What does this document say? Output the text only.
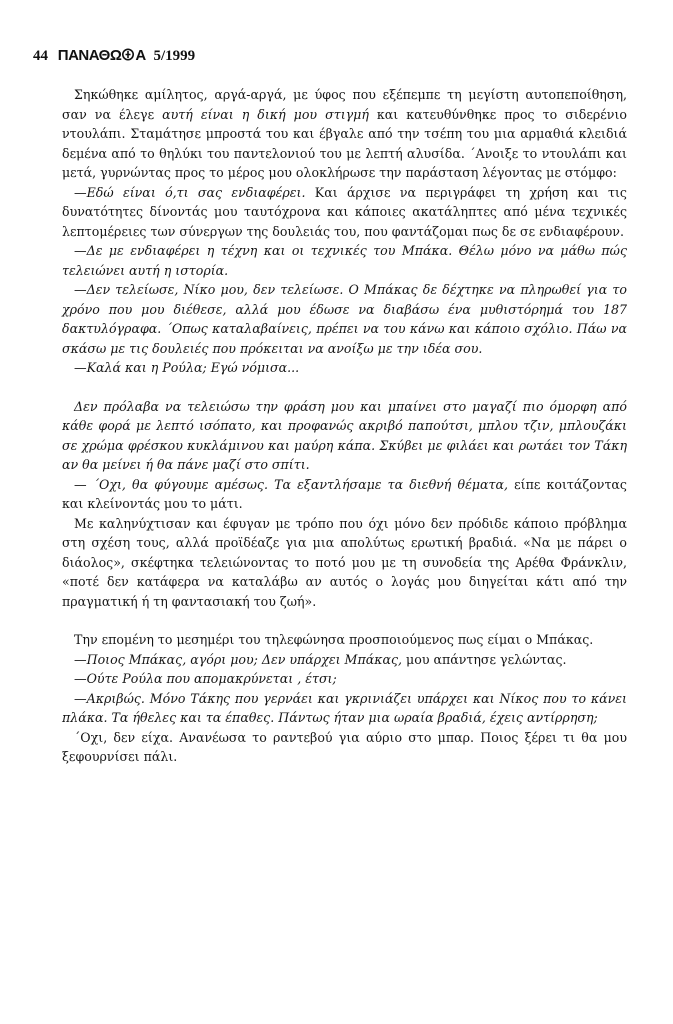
44 ΠΑΝΑΘΩ Α 5/1999

Σηκώθηκε αμίλητος, αργά-αργά, με ύφος που εξέπεμπε τη μεγίστη αυτοπεποίθηση, σαν να έλεγε αυτή είναι η δική μου στιγμή και κατευθύνθηκε προς το σιδερένιο ντουλάπι. Σταμάτησε μπροστά του και έβγαλε από την τσέπη του μια αρμαθιά κλειδιά δεμένα από το θηλύκι του παντελονιού του με λεπτή αλυσίδα. ΄Ανοιξε το ντουλάπι και μετά, γυρνώντας προς το μέρος μου ολοκλήρωσε την παράσταση λέγοντας με στόμφο:

—Εδώ είναι ό,τι σας ενδιαφέρει. Και άρχισε να περιγράφει τη χρήση και τις δυνατότητες δίνοντάς μου ταυτόχρονα και κάποιες ακατάληπτες από μένα τεχνικές λεπτομέρειες των σύνεργων της δουλειάς του, που φαντάζομαι πως δε σε ενδιαφέρουν.

—Δε με ενδιαφέρει η τέχνη και οι τεχνικές του Μπάκα. Θέλω μόνο να μάθω πώς τελειώνει αυτή η ιστορία.

—Δεν τελείωσε, Νίκο μου, δεν τελείωσε. Ο Μπάκας δε δέχτηκε να πληρωθεί για το χρόνο που μου διέθεσε, αλλά μου έδωσε να διαβάσω ένα μυθιστόρημά του 187 δακτυλόγραφα. ΄Οπως καταλαβαίνεις, πρέπει να του κάνω και κάποιο σχόλιο. Πάω να σκάσω με τις δουλειές που πρόκειται να ανοίξω με την ιδέα σου.

—Καλά και η Ρούλα; Εγώ νόμισα...

Δεν πρόλαβα να τελειώσω την φράση μου και μπαίνει στο μαγαζί πιο όμορφη από κάθε φορά με λεπτό ισόπατο, και προφανώς ακριβό παπούτσι, μπλου τζιν, μπλουζάκι σε χρώμα φρέσκου κυκλάμινου και μαύρη κάπα. Σκύβει με φιλάει και ρωτάει τον Τάκη αν θα μείνει ή θα πάνε μαζί στο σπίτι.

— ΄Οχι, θα φύγουμε αμέσως. Τα εξαντλήσαμε τα διεθνή θέματα, είπε κοιτάζοντας και κλείνοντάς μου το μάτι.

Με καληνύχτισαν και έφυγαν με τρόπο που όχι μόνο δεν πρόδιδε κάποιο πρόβλημα στη σχέση τους, αλλά προϊδέαζε για μια απολύτως ερωτική βραδιά. «Να με πάρει ο διάολος», σκέφτηκα τελειώνοντας το ποτό μου με τη συνοδεία της Αρέθα Φράνκλιν, «ποτέ δεν κατάφερα να καταλάβω αν αυτός ο λογάς μου διηγείται κάτι από την πραγματική ή τη φαντασιακή του ζωή».

Την επομένη το μεσημέρι του τηλεφώνησα προσποιούμενος πως είμαι ο Μπάκας.

—Ποιος Μπάκας, αγόρι μου; Δεν υπάρχει Μπάκας, μου απάντησε γελώντας.

—Ούτε Ρούλα που απομακρύνεται , έτσι;

—Ακριβώς. Μόνο Τάκης που γερνάει και γκρινιάζει υπάρχει και Νίκος που το κάνει πλάκα. Τα ήθελες και τα έπαθες. Πάντως ήταν μια ωραία βραδιά, έχεις αντίρρηση;

΄Οχι, δεν είχα. Ανανέωσα το ραντεβού για αύριο στο μπαρ. Ποιος ξέρει τι θα μου ξεφουρνίσει πάλι.
